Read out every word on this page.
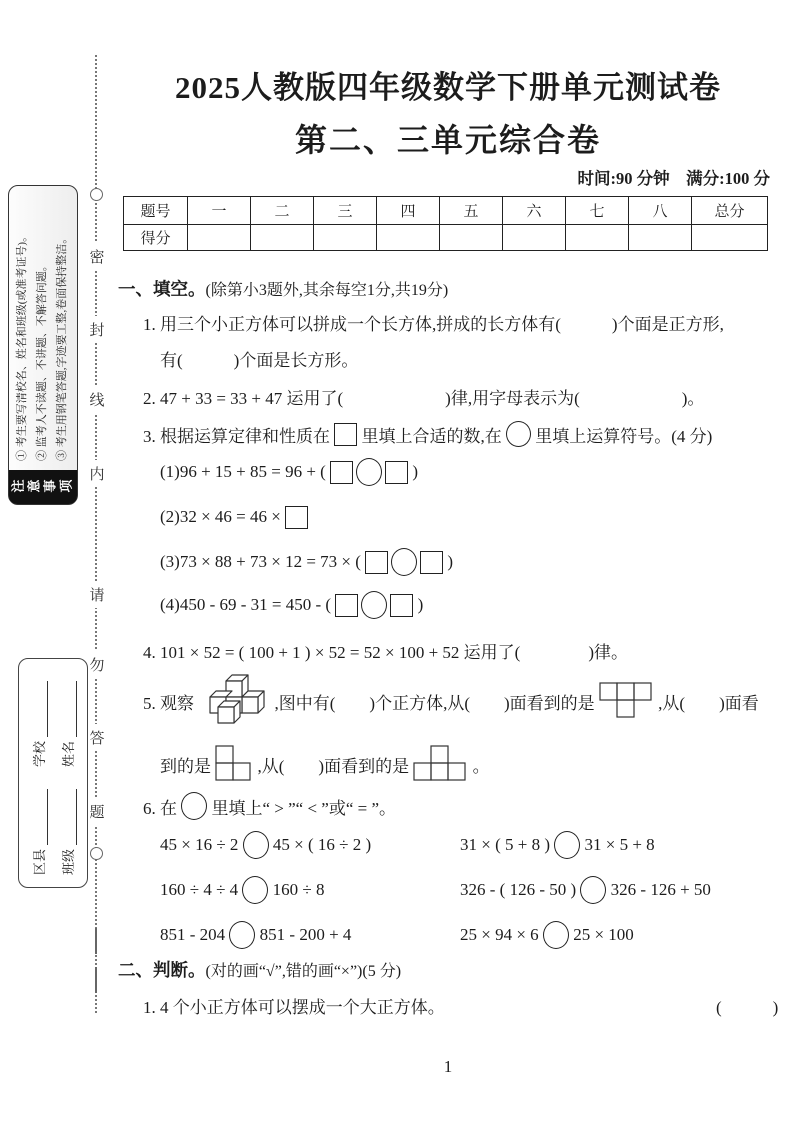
密
封
线
内
请
勿
答
题
注意事项
① 考生要写清校名、姓名和班级(或准考证号)。 ② 监考人不读题、不讲题、不解答问题。 ③ 考生用钢笔答题,字迹要工整,卷面保持整洁。
区县
学校
班级
姓名
2025人教版四年级数学下册单元测试卷
第二、三单元综合卷
时间:90 分钟　满分:100 分
题号	一	二	三	四	五	六	七	八	总分
得分									
一、填空。(除第小3题外,其余每空1分,共19分)
1. 用三个小正方体可以拼成一个长方体,拼成的长方体有(　　　)个面是正方形,
有(　　　)个面是长方形。
2. 47 + 33 = 33 + 47 运用了(　　　　　　)律,用字母表示为(　　　　　　)。
3. 根据运算定律和性质在 里填上合适的数,在 里填上运算符号。(4 分)
(1)96 + 15 + 85 = 96 + (	)
(2)32 × 46 = 46 ×
(3)73 × 88 + 73 × 12 = 73 × (	)
(4)450 - 69 - 31 = 450 - (	)
4. 101 × 52 = ( 100 + 1 ) × 52 = 52 × 100 + 52 运用了(　　　　)律。
5. 观察	,图中有(　　)个正方体,从(　　)面看到的是	,从(　　)面看
到的是 ,从(　　)面看到的是	。
6. 在 里填上“ > ”“ < ”或“ = ”。
45 × 16 ÷ 2 45 × ( 16 ÷ 2 )	31 × ( 5 + 8 ) 31 × 5 + 8
160 ÷ 4 ÷ 4 160 ÷ 8	326 - ( 126 - 50 ) 326 - 126 + 50
851 - 204 851 - 200 + 4	25 × 94 × 6 25 × 100
二、判断。(对的画“√”,错的画“×”)(5 分)
1. 4 个小正方体可以摆成一个大正方体。	(　　　)
1
